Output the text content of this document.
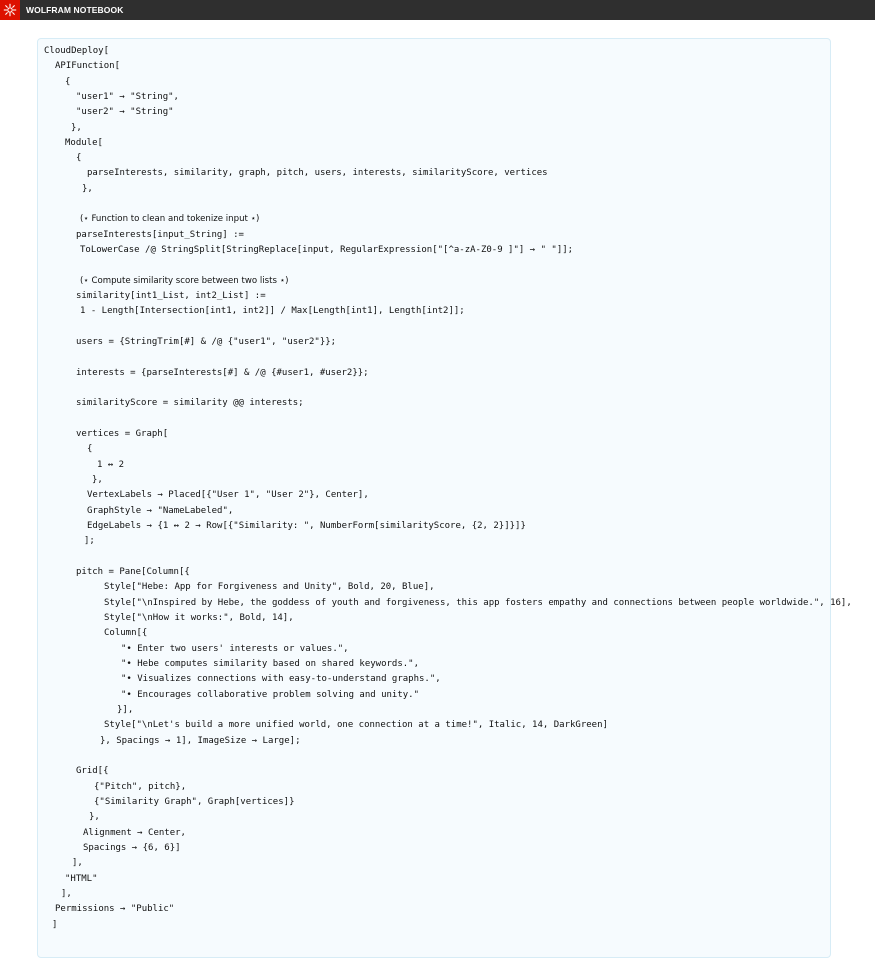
WOLFRAM NOTEBOOK
CloudDeploy[
APIFunction[
{
"user1" → "String",
"user2" → "String"
},
Module[
{
parseInterests, similarity, graph, pitch, users, interests, similarityScore, vertices
},
(⋆ Function to clean and tokenize input ⋆)
parseInterests[input_String] :=
ToLowerCase /@ StringSplit[StringReplace[input, RegularExpression["[^a-zA-Z0-9 ]"] → " "]];
(⋆ Compute similarity score between two lists ⋆)
similarity[int1_List, int2_List] :=
1 - Length[Intersection[int1, int2]] / Max[Length[int1], Length[int2]];
users = {StringTrim[#] & /@ {"user1", "user2"}};
interests = {parseInterests[#] & /@ {#user1, #user2}};
similarityScore = similarity @@ interests;
vertices = Graph[
{
1 ↔ 2
},
VertexLabels → Placed[{"User 1", "User 2"}, Center],
GraphStyle → "NameLabeled",
EdgeLabels → {1 ↔ 2 → Row[{"Similarity: ", NumberForm[similarityScore, {2, 2}]}]}
];
pitch = Pane[Column[{
Style["Hebe: App for Forgiveness and Unity", Bold, 20, Blue],
Style["\nInspired by Hebe, the goddess of youth and forgiveness, this app fosters empathy and connections between people worldwide.", 16],
Style["\nHow it works:", Bold, 14],
Column[{
"• Enter two users' interests or values.",
"• Hebe computes similarity based on shared keywords.",
"• Visualizes connections with easy-to-understand graphs.",
"• Encourages collaborative problem solving and unity."
}],
Style["\nLet's build a more unified world, one connection at a time!", Italic, 14, DarkGreen]
}, Spacings → 1], ImageSize → Large];
Grid[{
{"Pitch", pitch},
{"Similarity Graph", Graph[vertices]}
},
Alignment → Center,
Spacings → {6, 6}]
],
"HTML"
],
Permissions → "Public"
]
